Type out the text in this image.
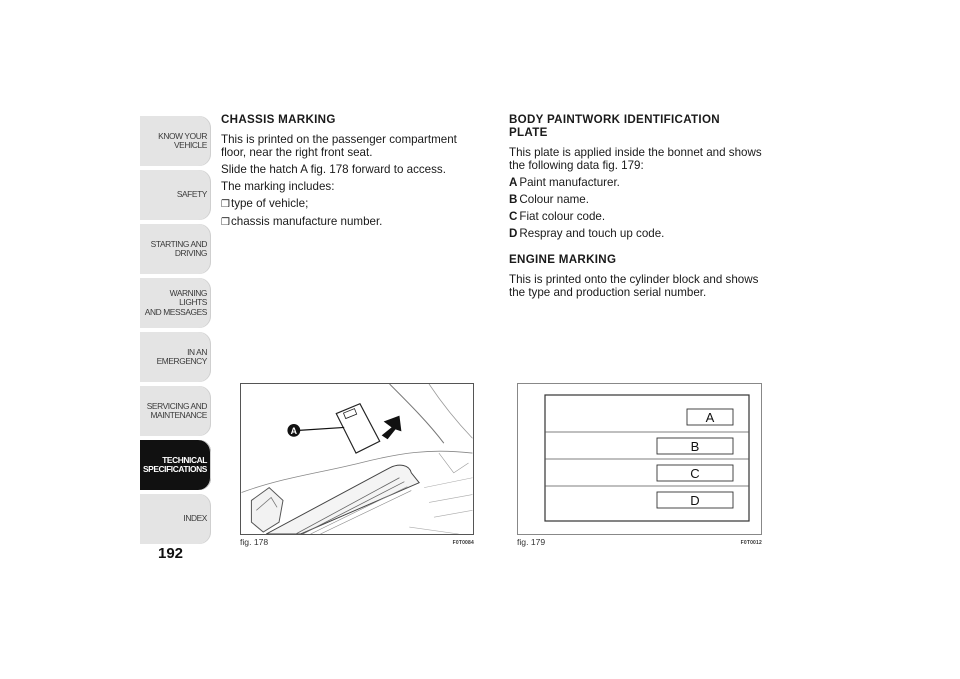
KNOW YOUR
VEHICLE
SAFETY
STARTING AND
DRIVING
WARNING LIGHTS
AND MESSAGES
IN AN EMERGENCY
SERVICING AND
MAINTENANCE
TECHNICAL
SPECIFICATIONS
INDEX
192
CHASSIS MARKING
This is printed on the passenger compartment floor, near the right front seat.
Slide the hatch A fig. 178 forward to access.
The marking includes:
❒type of vehicle;
❒chassis manufacture number.
BODY PAINTWORK IDENTIFICATION PLATE
This plate is applied inside the bonnet and shows the following data fig. 179:
A Paint manufacturer.
B Colour name.
C Fiat colour code.
D Respray and touch up code.
ENGINE MARKING
This is printed onto the cylinder block and shows the type and production serial number.
A
fig. 178	F0T0084
A
B
C
D
fig. 179	F0T0012
